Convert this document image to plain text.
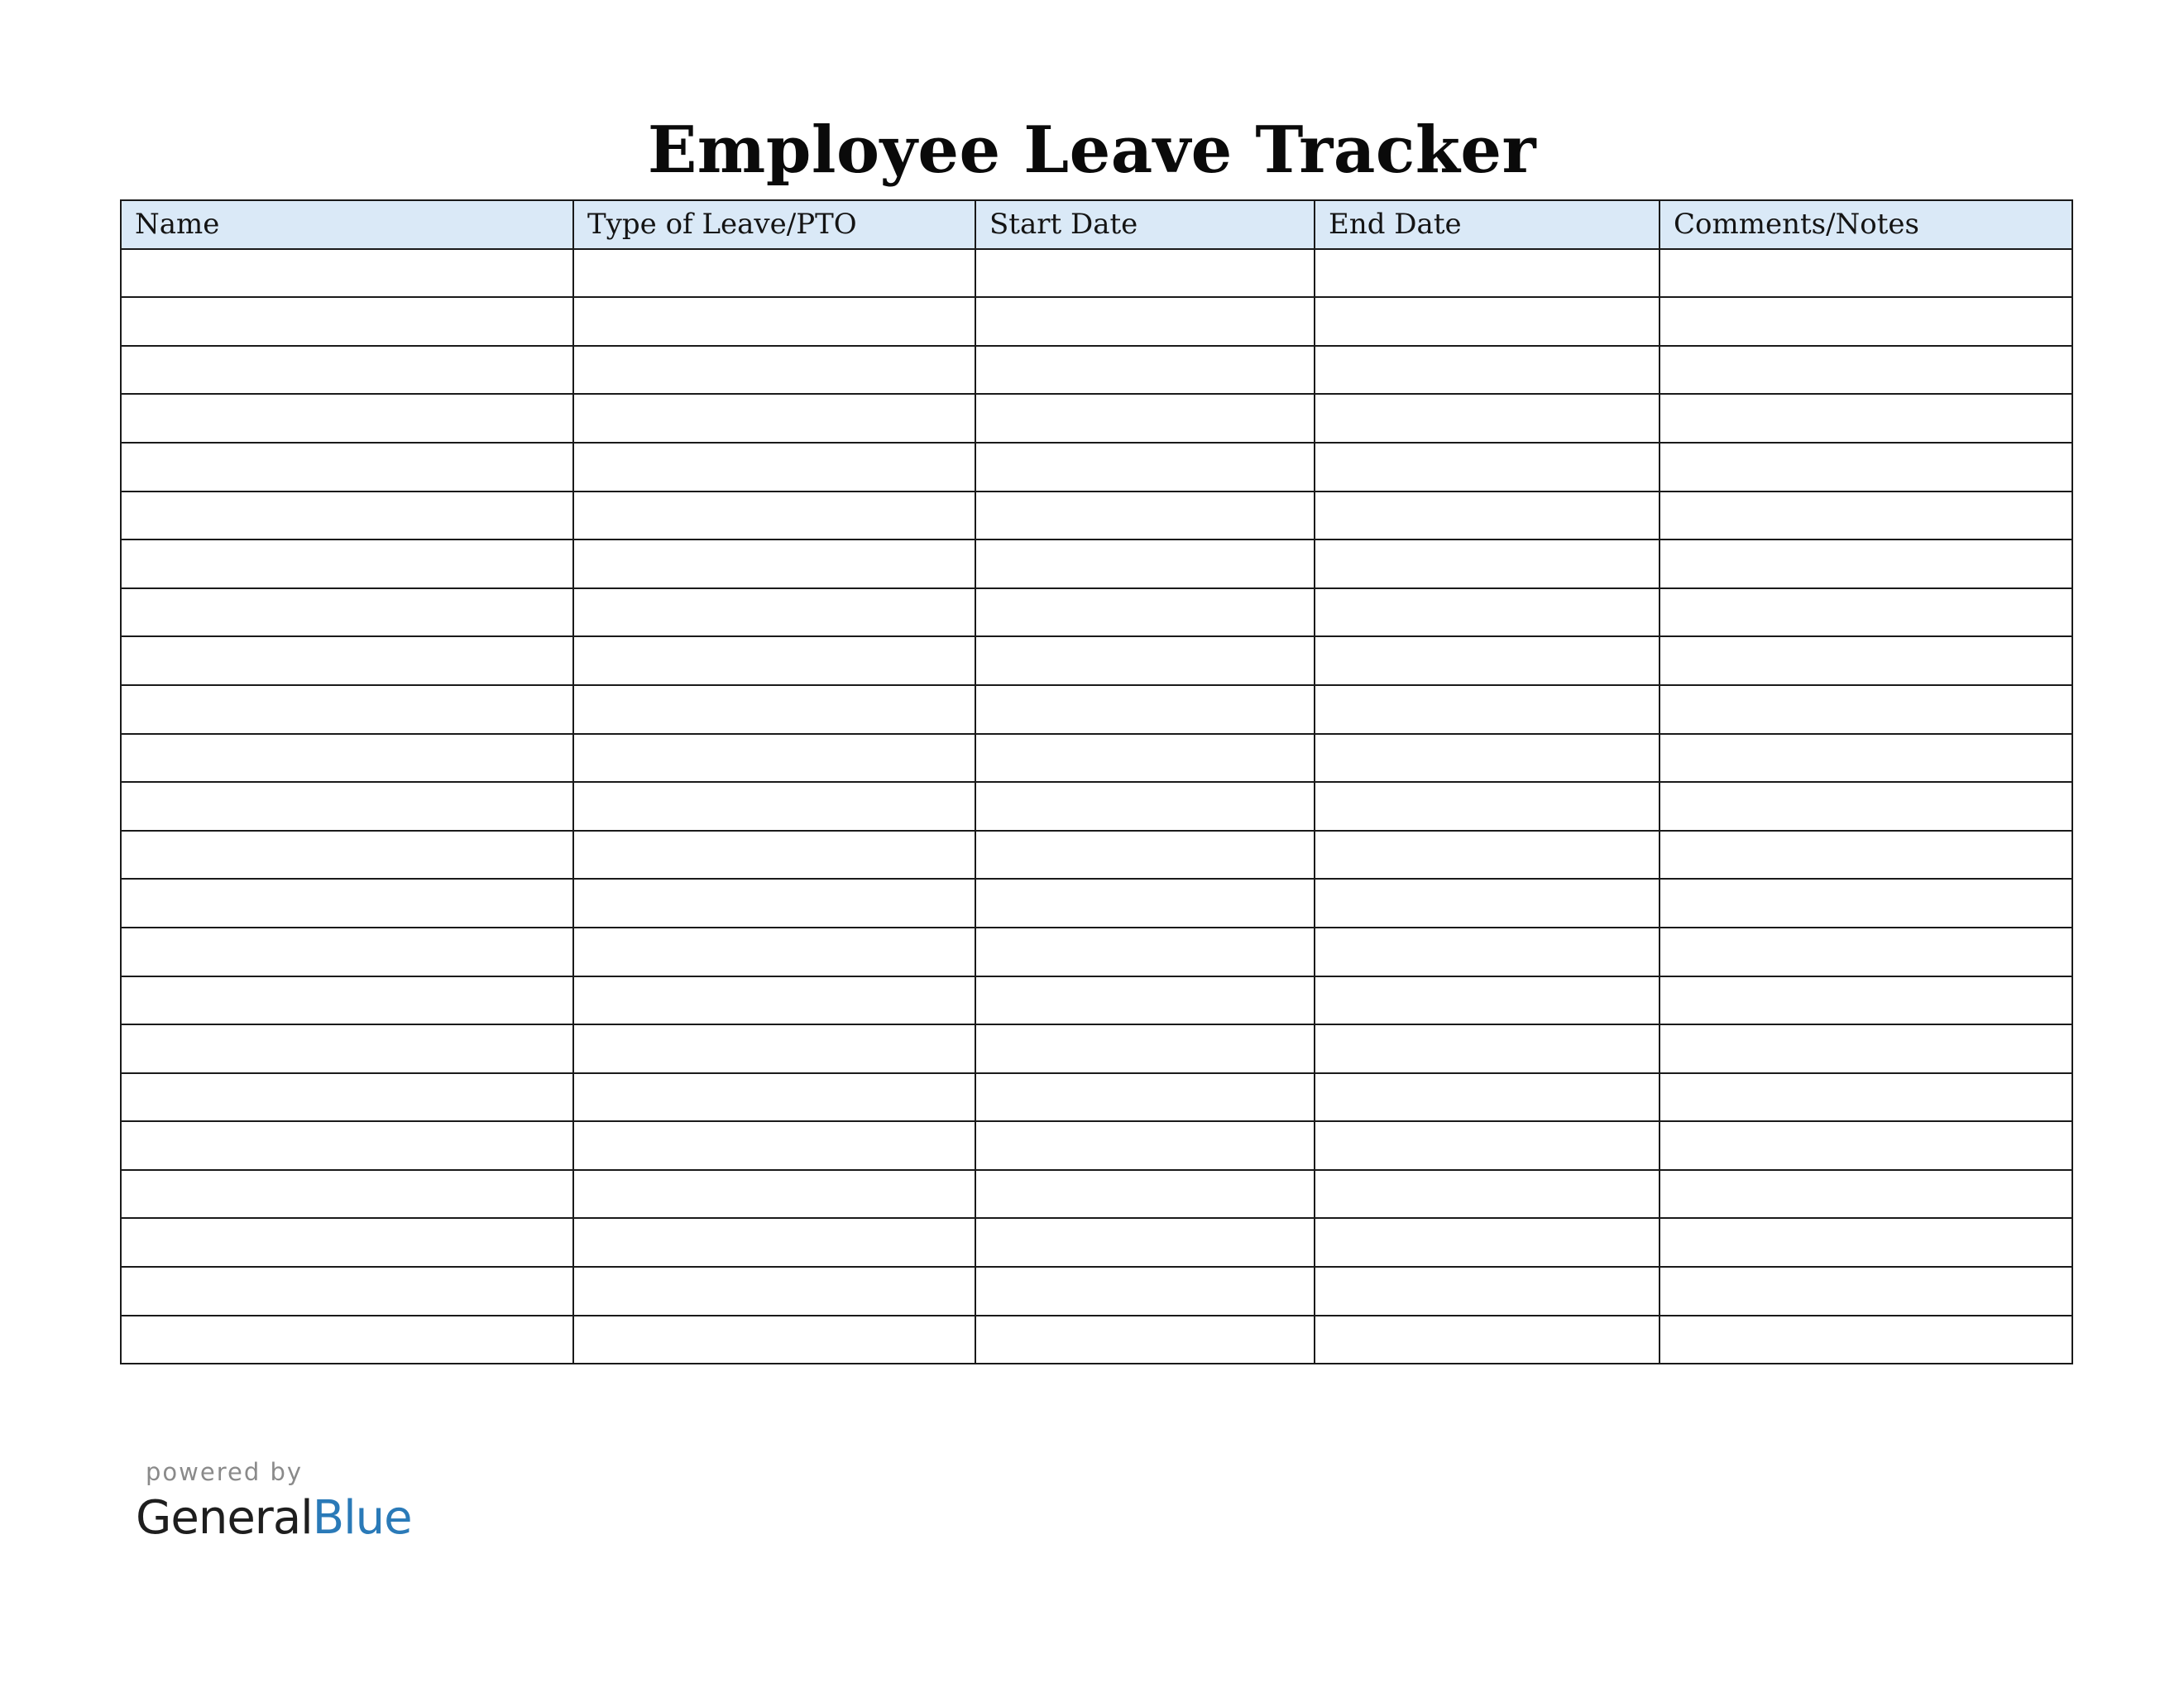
Employee Leave Tracker
Name	Type of Leave/PTO	Start Date	End Date	Comments/Notes

powered by
GeneralBlue
